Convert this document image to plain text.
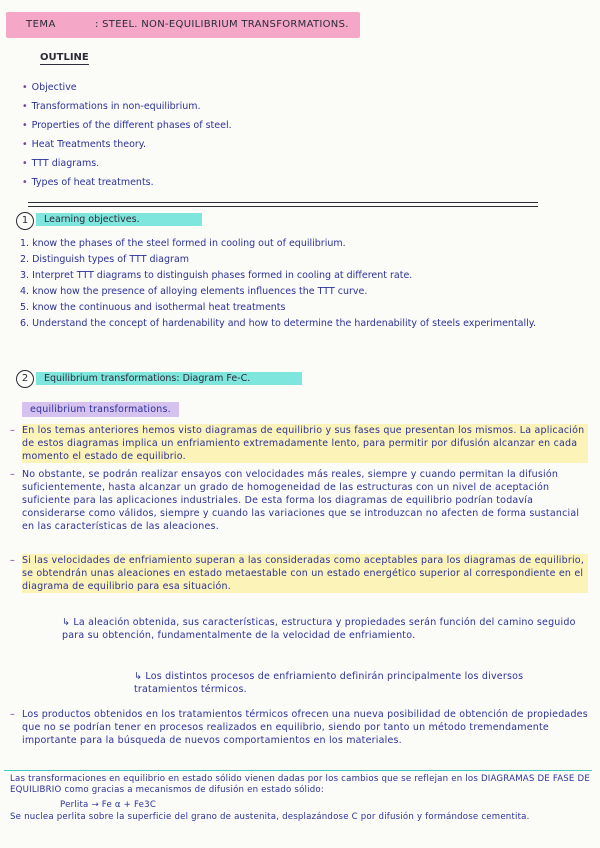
TEMA	: STEEL. NON-EQUILIBRIUM TRANSFORMATIONS.
OUTLINE
• Objective
• Transformations in non-equilibrium.
• Properties of the different phases of steel.
• Heat Treatments theory.
• TTT diagrams.
• Types of heat treatments.
1	Learning objectives.
1. know the phases of the steel formed in cooling out of equilibrium.
2. Distinguish types of TTT diagram
3. Interpret TTT diagrams to distinguish phases formed in cooling at different rate.
4. know how the presence of alloying elements influences the TTT curve.
5. know the continuous and isothermal heat treatments
6. Understand the concept of hardenability and how to determine the hardenability of steels experimentally.
2	Equilibrium transformations: Diagram Fe-C.
equilibrium transformations.

– En los temas anteriores hemos visto diagramas de equilibrio y sus fases que presentan los mismos. La aplicación de estos diagramas implica un enfriamiento extremadamente lento, para permitir por difusión alcanzar en cada momento el estado de equilibrio.

– No obstante, se podrán realizar ensayos con velocidades más reales, siempre y cuando permitan la difusión suficientemente, hasta alcanzar un grado de homogeneidad de las estructuras con un nivel de aceptación suficiente para las aplicaciones industriales. De esta forma los diagramas de equilibrio podrían todavía considerarse como válidos, siempre y cuando las variaciones que se introduzcan no afecten de forma sustancial en las características de las aleaciones.

– Si las velocidades de enfriamiento superan a las consideradas como aceptables para los diagramas de equilibrio, se obtendrán unas aleaciones en estado metaestable con un estado energético superior al correspondiente en el diagrama de equilibrio para esa situación.

↳ La aleación obtenida, sus características, estructura y propiedades serán función del camino seguido para su obtención, fundamentalmente de la velocidad de enfriamiento.
↳ Los distintos procesos de enfriamiento definirán principalmente los diversos tratamientos térmicos.

– Los productos obtenidos en los tratamientos térmicos ofrecen una nueva posibilidad de obtención de propiedades que no se podrían tener en procesos realizados en equilibrio, siendo por tanto un método tremendamente importante para la búsqueda de nuevos comportamientos en los materiales.

Las transformaciones en equilibrio en estado sólido vienen dadas por los cambios que se reflejan en los DIAGRAMAS DE FASE DE EQUILIBRIO como gracias a mecanismos de difusión en estado sólido:
Perlita → Fe α + Fe3C
Se nuclea perlita sobre la superficie del grano de austenita, desplazándose C por difusión y formándose cementita.
